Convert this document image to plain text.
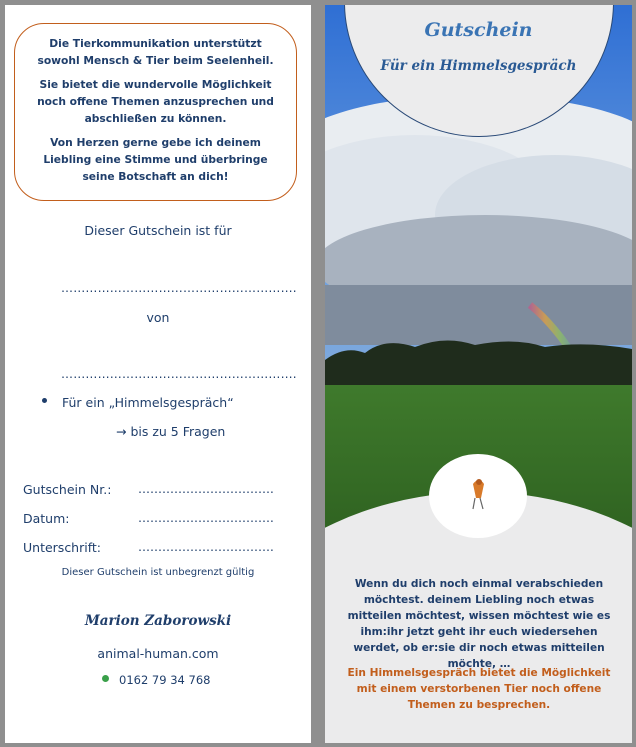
Die Tierkommunikation unterstützt sowohl Mensch & Tier beim Seelenheil.

Sie bietet die wundervolle Möglichkeit noch offene Themen anzusprechen und abschließen zu können.

Von Herzen gerne gebe ich deinem Liebling eine Stimme und überbringe seine Botschaft an dich!

Dieser Gutschein ist für
………………………………………………….
von
………………………………………………….
Für ein „Himmelsgespräch“
→ bis zu 5 Fragen
Gutschein Nr.: …………………………….
Datum:	…………………………….
Unterschrift:	…………………………….
Dieser Gutschein ist unbegrenzt gültig
Marion Zaborowski
animal-human.com
0162 79 34 768
Gutschein
Für ein Himmelsgespräch
Wenn du dich noch einmal verabschieden möchtest. deinem Liebling noch etwas mitteilen möchtest, wissen möchtest wie es ihm:ihr jetzt geht ihr euch wiedersehen werdet, ob er:sie dir noch etwas mitteilen möchte, …
Ein Himmelsgespräch bietet die Möglichkeit mit einem verstorbenen Tier noch offene Themen zu besprechen.
